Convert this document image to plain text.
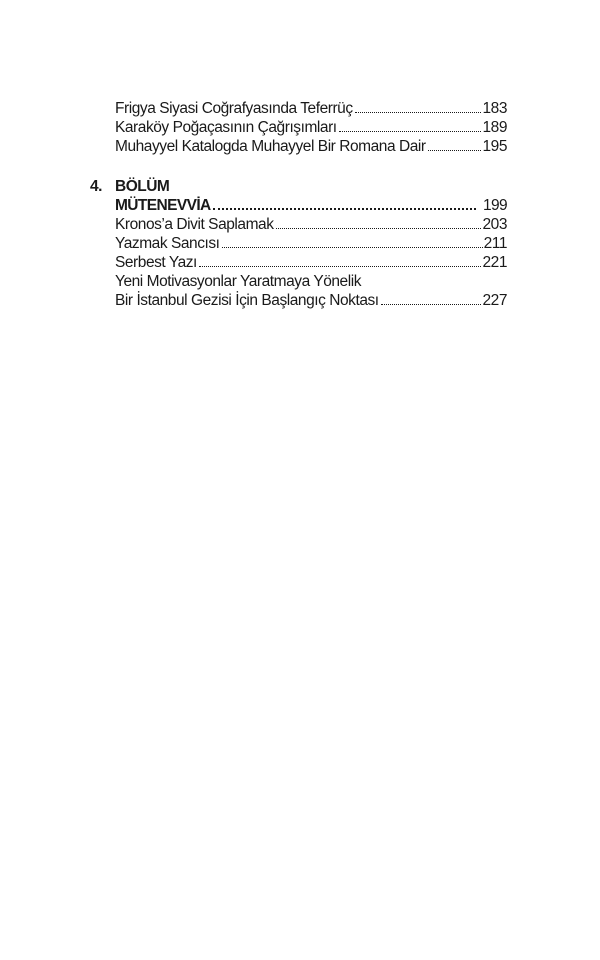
Frigya Siyasi Coğrafyasında Teferrüç	183
Karaköy Poğaçasının Çağrışımları	189
Muhayyel Katalogda Muhayyel Bir Romana Dair	195
4. BÖLÜM
MÜTENEVVİA	199
Kronos’a Divit Saplamak	203
Yazmak Sancısı	211
Serbest Yazı	221
Yeni Motivasyonlar Yaratmaya Yönelik
Bir İstanbul Gezisi İçin Başlangıç Noktası	227
